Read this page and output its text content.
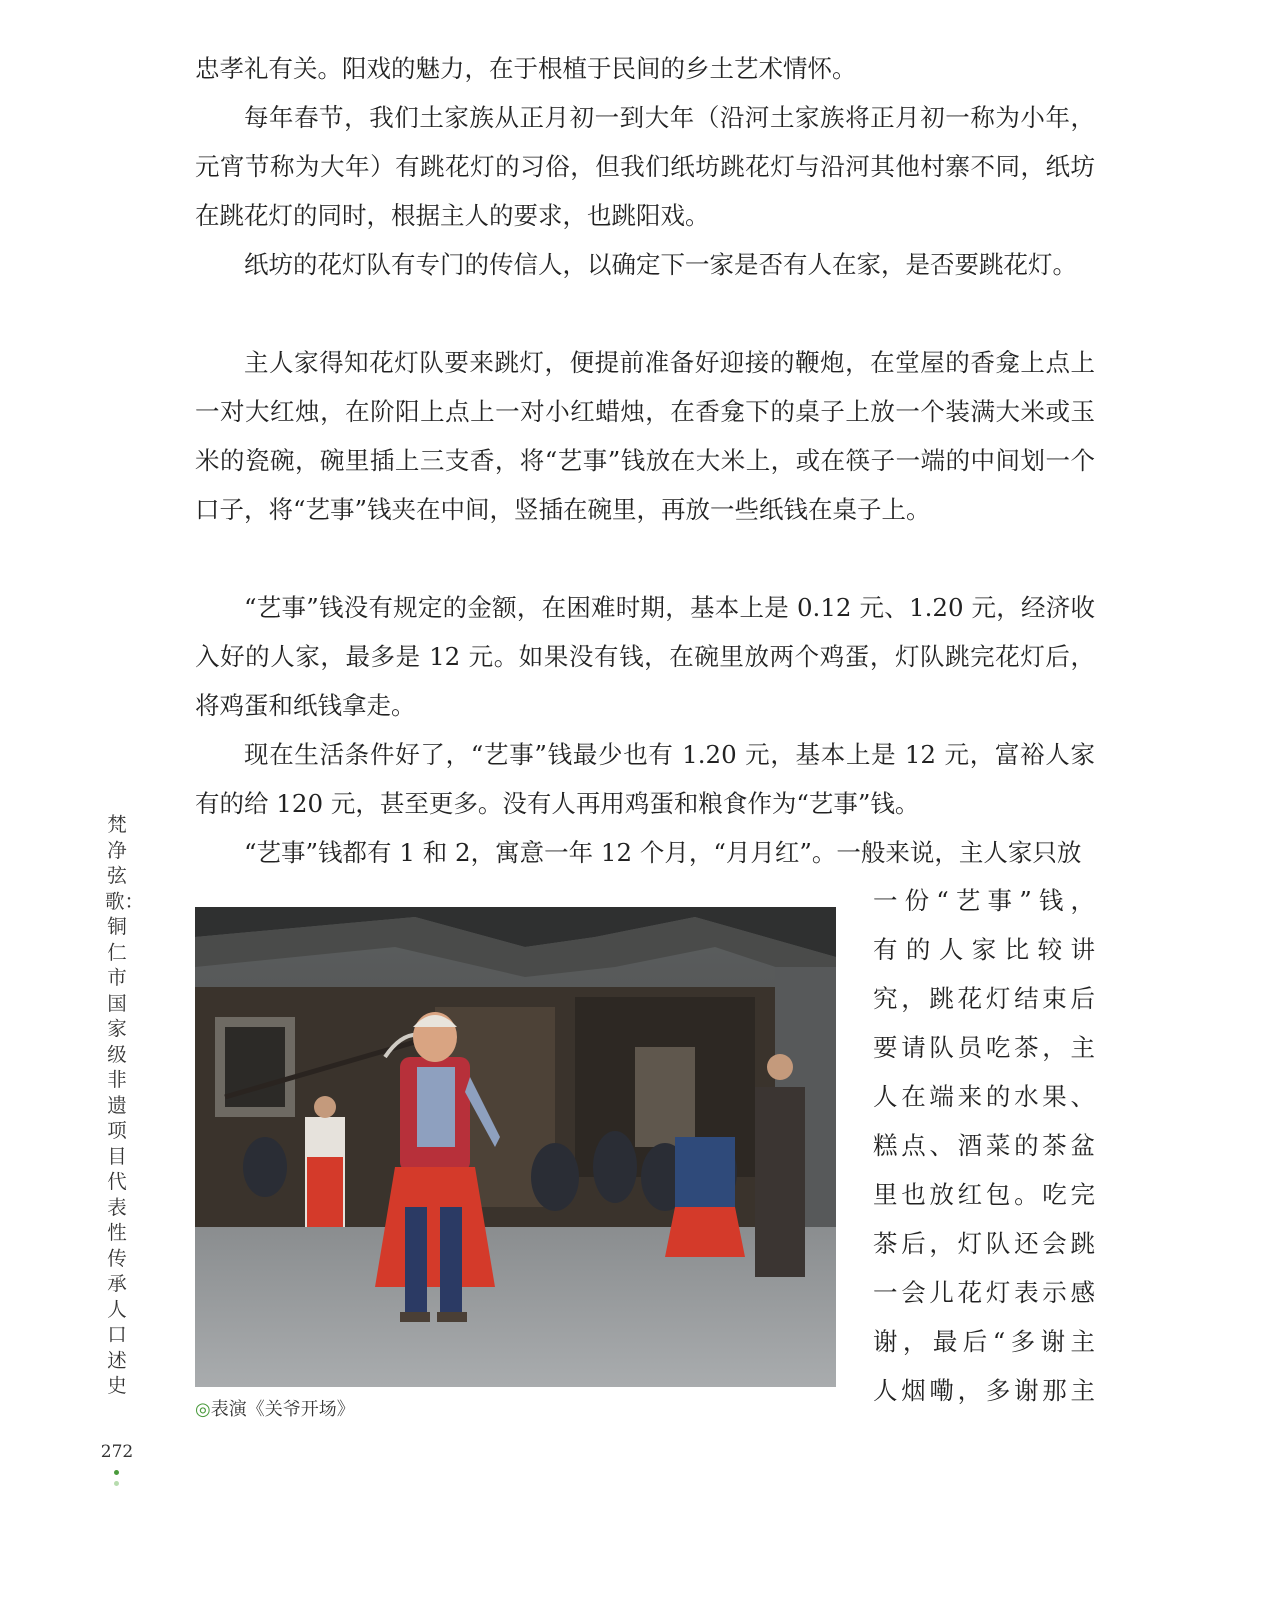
忠孝礼有关。阳戏的魅力，在于根植于民间的乡土艺术情怀。

每年春节，我们土家族从正月初一到大年（沿河土家族将正月初一称为小年，元宵节称为大年）有跳花灯的习俗，但我们纸坊跳花灯与沿河其他村寨不同，纸坊在跳花灯的同时，根据主人的要求，也跳阳戏。

纸坊的花灯队有专门的传信人，以确定下一家是否有人在家，是否要跳花灯。

主人家得知花灯队要来跳灯，便提前准备好迎接的鞭炮，在堂屋的香龛上点上一对大红烛，在阶阳上点上一对小红蜡烛，在香龛下的桌子上放一个装满大米或玉米的瓷碗，碗里插上三支香，将“艺事”钱放在大米上，或在筷子一端的中间划一个口子，将“艺事”钱夹在中间，竖插在碗里，再放一些纸钱在桌子上。

“艺事”钱没有规定的金额，在困难时期，基本上是 0.12 元、1.20 元，经济收入好的人家，最多是 12 元。如果没有钱，在碗里放两个鸡蛋，灯队跳完花灯后，将鸡蛋和纸钱拿走。

现在生活条件好了，“艺事”钱最少也有 1.20 元，基本上是 12 元，富裕人家有的给 120 元，甚至更多。没有人再用鸡蛋和粮食作为“艺事”钱。

“艺事”钱都有 1 和 2，寓意一年 12 个月，“月月红”。一般来说，主人家只放

◎表演《关爷开场》
一份“艺事”钱，
有的人家比较讲
究，跳花灯结束后
要请队员吃茶，主
人在端来的水果、
糕点、酒菜的茶盆
里也放红包。吃完
茶后，灯队还会跳
一会儿花灯表示感
谢，最后“多谢主
人烟嘞，多谢那主
梵净弦歌：铜仁市国家级非遗项目代表性传承人口述史
272
